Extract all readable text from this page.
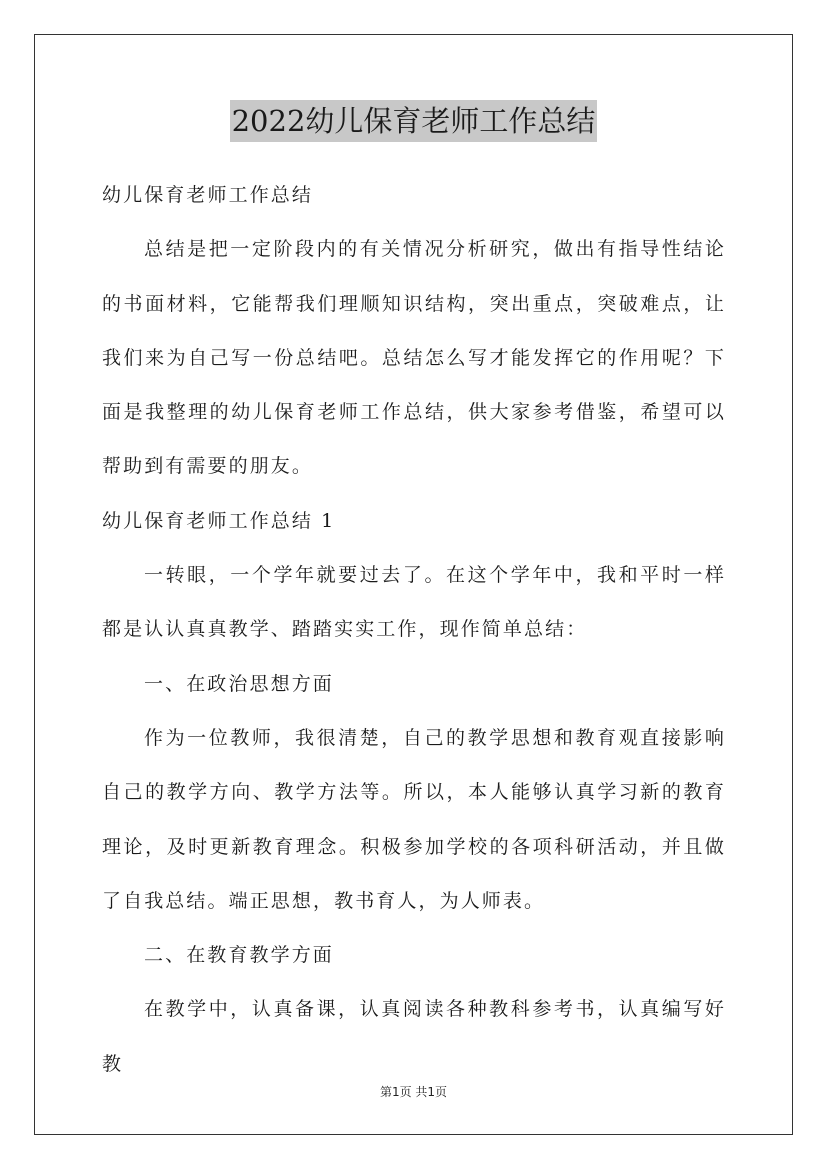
2022幼儿保育老师工作总结

幼儿保育老师工作总结

总结是把一定阶段内的有关情况分析研究，做出有指导性结论的书面材料，它能帮我们理顺知识结构，突出重点，突破难点，让我们来为自己写一份总结吧。总结怎么写才能发挥它的作用呢？下面是我整理的幼儿保育老师工作总结，供大家参考借鉴，希望可以帮助到有需要的朋友。

幼儿保育老师工作总结 1

一转眼，一个学年就要过去了。在这个学年中，我和平时一样都是认认真真教学、踏踏实实工作，现作简单总结：

一、在政治思想方面

作为一位教师，我很清楚，自己的教学思想和教育观直接影响自己的教学方向、教学方法等。所以，本人能够认真学习新的教育理论，及时更新教育理念。积极参加学校的各项科研活动，并且做了自我总结。端正思想，教书育人，为人师表。

二、在教育教学方面

在教学中，认真备课，认真阅读各种教科参考书，认真编写好教

第1页 共1页
